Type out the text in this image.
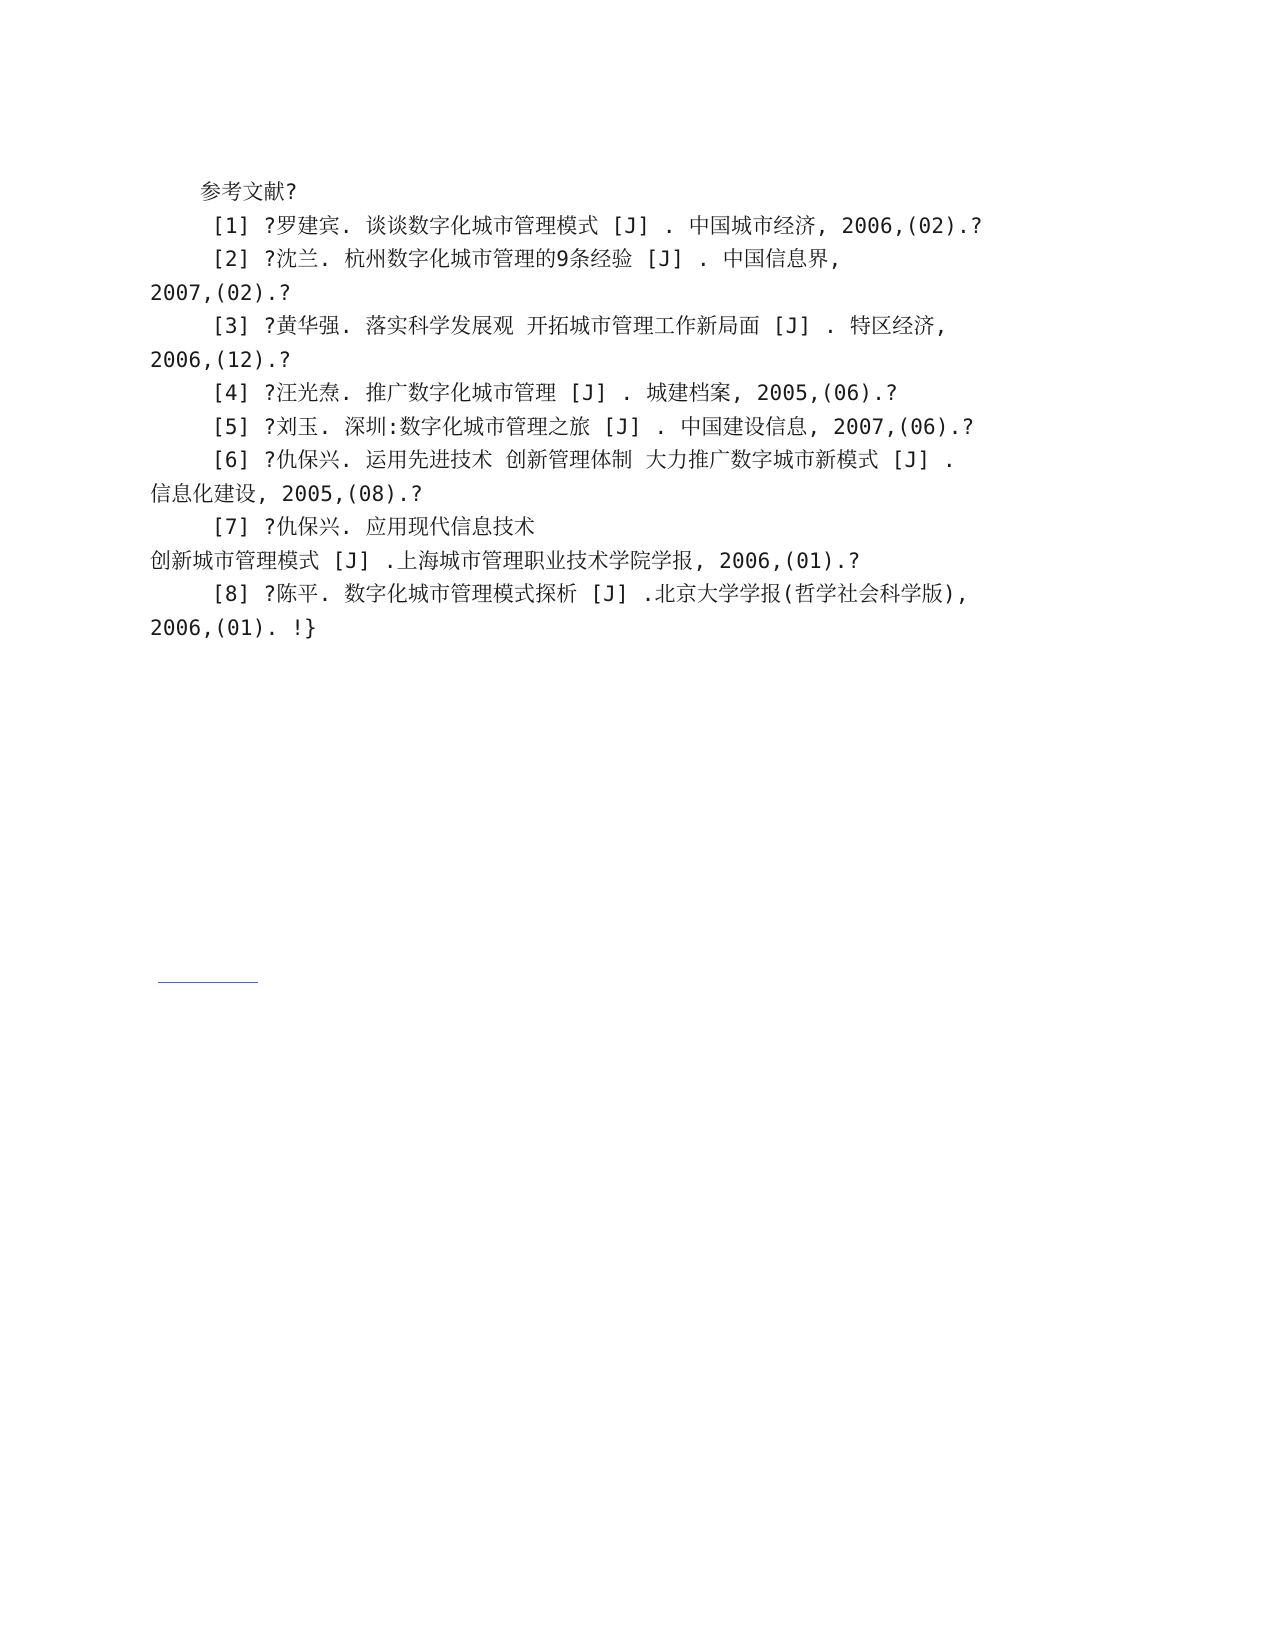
参考文献?
[1] ?罗建宾. 谈谈数字化城市管理模式 [J] . 中国城市经济, 2006,(02).?
[2] ?沈兰. 杭州数字化城市管理的9条经验 [J] . 中国信息界,
2007,(02).?
[3] ?黄华强. 落实科学发展观 开拓城市管理工作新局面 [J] . 特区经济,
2006,(12).?
[4] ?汪光焘. 推广数字化城市管理 [J] . 城建档案, 2005,(06).?
[5] ?刘玉. 深圳:数字化城市管理之旅 [J] . 中国建设信息, 2007,(06).?
[6] ?仇保兴. 运用先进技术 创新管理体制 大力推广数字城市新模式 [J] .
信息化建设, 2005,(08).?
[7] ?仇保兴. 应用现代信息技术
创新城市管理模式 [J] .上海城市管理职业技术学院学报, 2006,(01).?
[8] ?陈平. 数字化城市管理模式探析 [J] .北京大学学报(哲学社会科学版),
2006,(01). !}
